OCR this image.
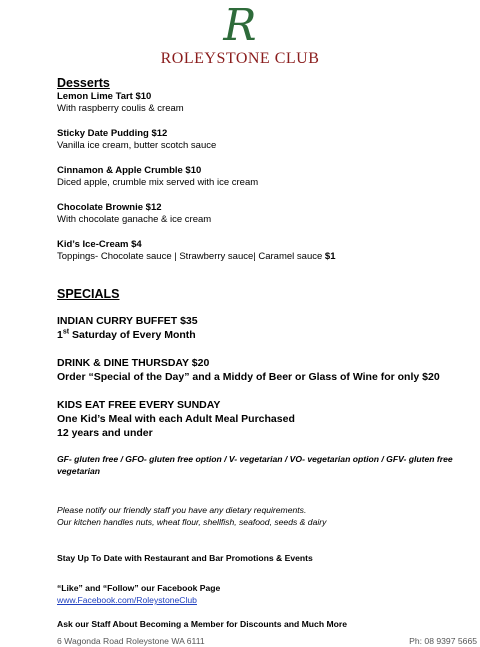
R
ROLEYSTONE CLUB
Desserts
Lemon Lime Tart $10
With raspberry coulis & cream
Sticky Date Pudding $12
Vanilla ice cream, butter scotch sauce
Cinnamon & Apple Crumble $10
Diced apple, crumble mix served with ice cream
Chocolate Brownie $12
With chocolate ganache & ice cream
Kid’s Ice-Cream $4
Toppings- Chocolate sauce | Strawberry sauce| Caramel sauce $1
SPECIALS
INDIAN CURRY BUFFET $35
1st Saturday of Every Month
DRINK & DINE THURSDAY $20
Order “Special of the Day” and a Middy of Beer or Glass of Wine for only $20
KIDS EAT FREE EVERY SUNDAY
One Kid’s Meal with each Adult Meal Purchased
12 years and under
GF- gluten free / GFO- gluten free option / V- vegetarian / VO- vegetarian option / GFV- gluten free vegetarian
Please notify our friendly staff you have any dietary requirements.
Our kitchen handles nuts, wheat flour, shellfish, seafood, seeds & dairy
Stay Up To Date with Restaurant and Bar Promotions & Events
“Like” and “Follow” our Facebook Page
www.Facebook.com/RoleystoneClub
Ask our Staff About Becoming a Member for Discounts and Much More
6 Wagonda Road Roleystone WA 6111	Ph: 08 9397 5665
